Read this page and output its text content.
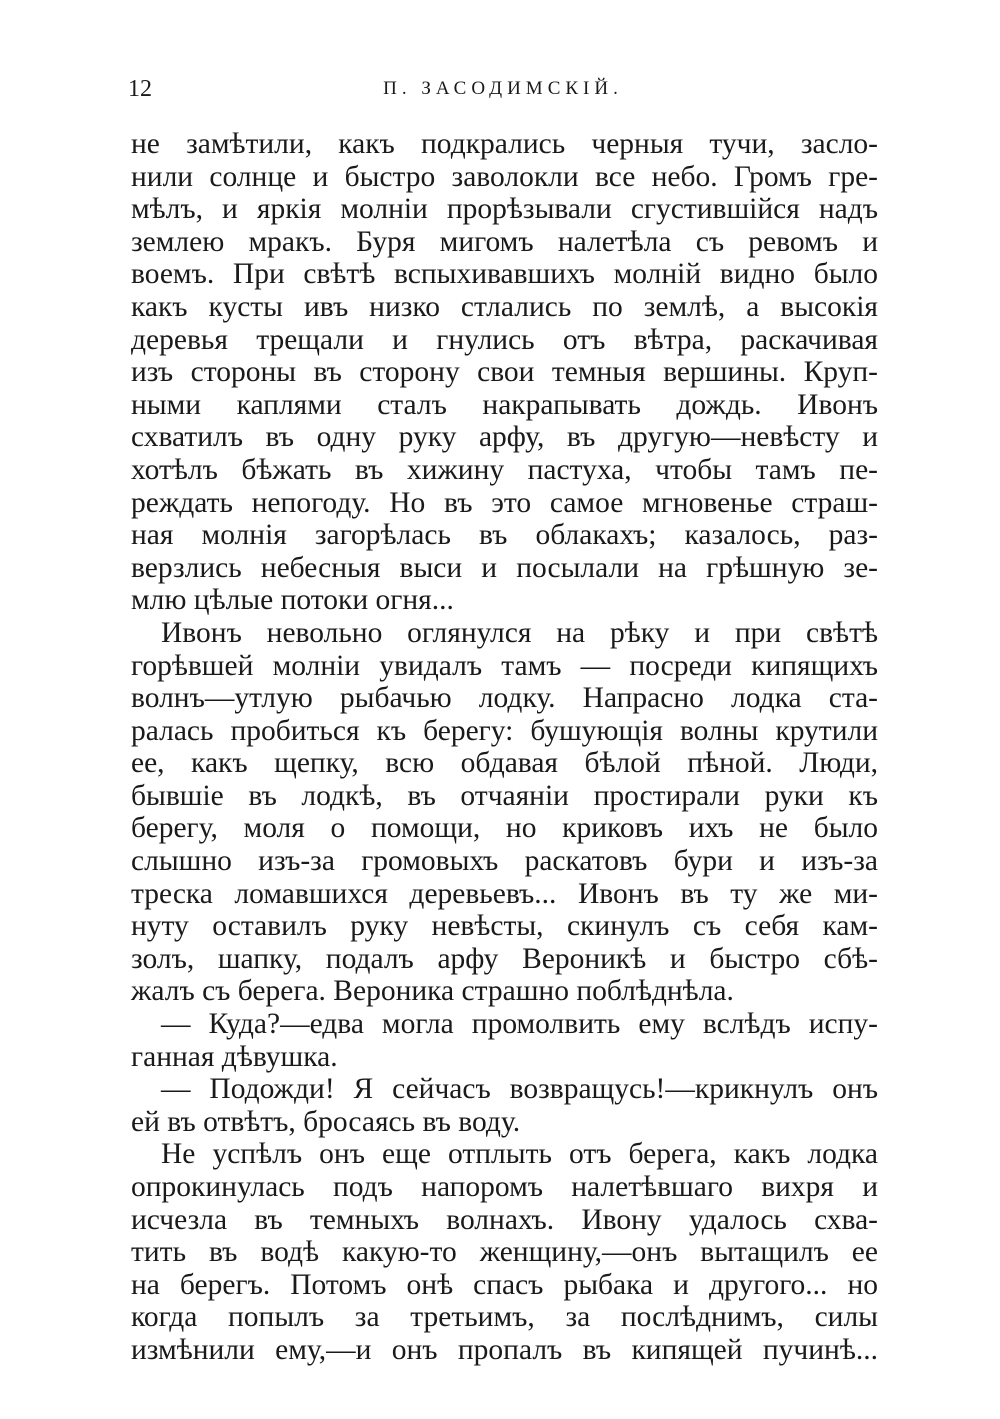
12	П. ЗАСОДИМСКІЙ.
не замѣтили, какъ подкрались черныя тучи, засло-
нили солнце и быстро заволокли все небо. Громъ гре-
мѣлъ, и яркія молніи прорѣзывали сгустившійся надъ
землею мракъ. Буря мигомъ налетѣла съ ревомъ и
воемъ. При свѣтѣ вспыхивавшихъ молній видно было
какъ кусты ивъ низко стлались по землѣ, а высокія
деревья трещали и гнулись отъ вѣтра, раскачивая
изъ стороны въ сторону свои темныя вершины. Круп-
ными каплями сталъ накрапывать дождь. Ивонъ
схватилъ въ одну руку арфу, въ другую—невѣсту и
хотѣлъ бѣжать въ хижину пастуха, чтобы тамъ пе-
реждать непогоду. Но въ это самое мгновенье страш-
ная молнія загорѣлась въ облакахъ; казалось, раз-
верзлись небесныя выси и посылали на грѣшную зе-
млю цѣлые потоки огня...
Ивонъ невольно оглянулся на рѣку и при свѣтѣ
горѣвшей молніи увидалъ тамъ — посреди кипящихъ
волнъ—утлую рыбачью лодку. Напрасно лодка ста-
ралась пробиться къ берегу: бушующія волны крутили
ее, какъ щепку, всю обдавая бѣлой пѣной. Люди,
бывшіе въ лодкѣ, въ отчаяніи простирали руки къ
берегу, моля о помощи, но криковъ ихъ не было
слышно изъ-за громовыхъ раскатовъ бури и изъ-за
треска ломавшихся деревьевъ... Ивонъ въ ту же ми-
нуту оставилъ руку невѣсты, скинулъ съ себя кам-
золъ, шапку, подалъ арфу Вероникѣ и быстро сбѣ-
жалъ съ берега. Вероника страшно поблѣднѣла.
— Куда?—едва могла промолвить ему вслѣдъ испу-
ганная дѣвушка.
— Подожди! Я сейчасъ возвращусь!—крикнулъ онъ
ей въ отвѣтъ, бросаясь въ воду.
Не успѣлъ онъ еще отплыть отъ берега, какъ лодка
опрокинулась подъ напоромъ налетѣвшаго вихря и
исчезла въ темныхъ волнахъ. Ивону удалось схва-
тить въ водѣ какую-то женщину,—онъ вытащилъ ее
на берегъ. Потомъ онѣ спасъ рыбака и другого... но
когда попылъ за третьимъ, за послѣднимъ, силы
измѣнили ему,—и онъ пропалъ въ кипящей пучинѣ...
